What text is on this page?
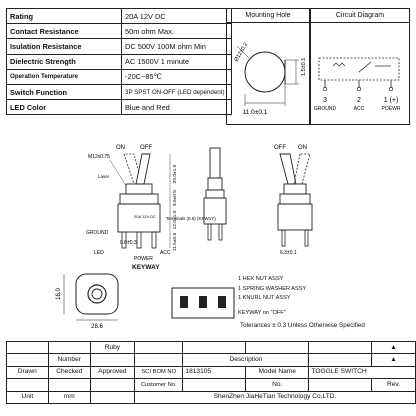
Rating	20A 12V DC
Contact Resistance	50m ohm Max.
Isulation Resistance	DC 500V 100M ohm Min
Dielectric Strength	AC 1500V 1 minute
Operation Temperature	-20C~85℃
Switch Function	3P SPST ON-OFF (LED dependent)
LED Color	Blue and Red
Mounting Hole
11.0±0.1
Ø12±0.2
1.5±0.1
Circuit Diagram
3	2	1 (+)
GROUND	ACC	POEWR
ON	OFF
20A 12V DC
M12x0.75
Laser
GROUND
Terminals (9.5) (KSW1Y)
LED
POWER
ACC
0.8±0.3
20.0±1.0
9.5±0.5
12.0±1.0
11.5±0.5
OFF ON
6.3±0.1
KEYWAY
16.0
28.6
1 HEX NUT ASSY
1 SPRING WASHER ASSY
1 KNURL NUT ASSY
KEYWAY on "OFF"
Tolerances ± 0.3 Unless Otherwise Specified
		Ruby					▲
	Number			Description			▲
Drawn	Checked	Approved	SCI BOM NO	1813105	Model Name	TOGGLE SWITCH	
			Customer No.		No.		Rev.
Unit	mm		ShenZhen JiaHeTian Technology Co,LTD.				
